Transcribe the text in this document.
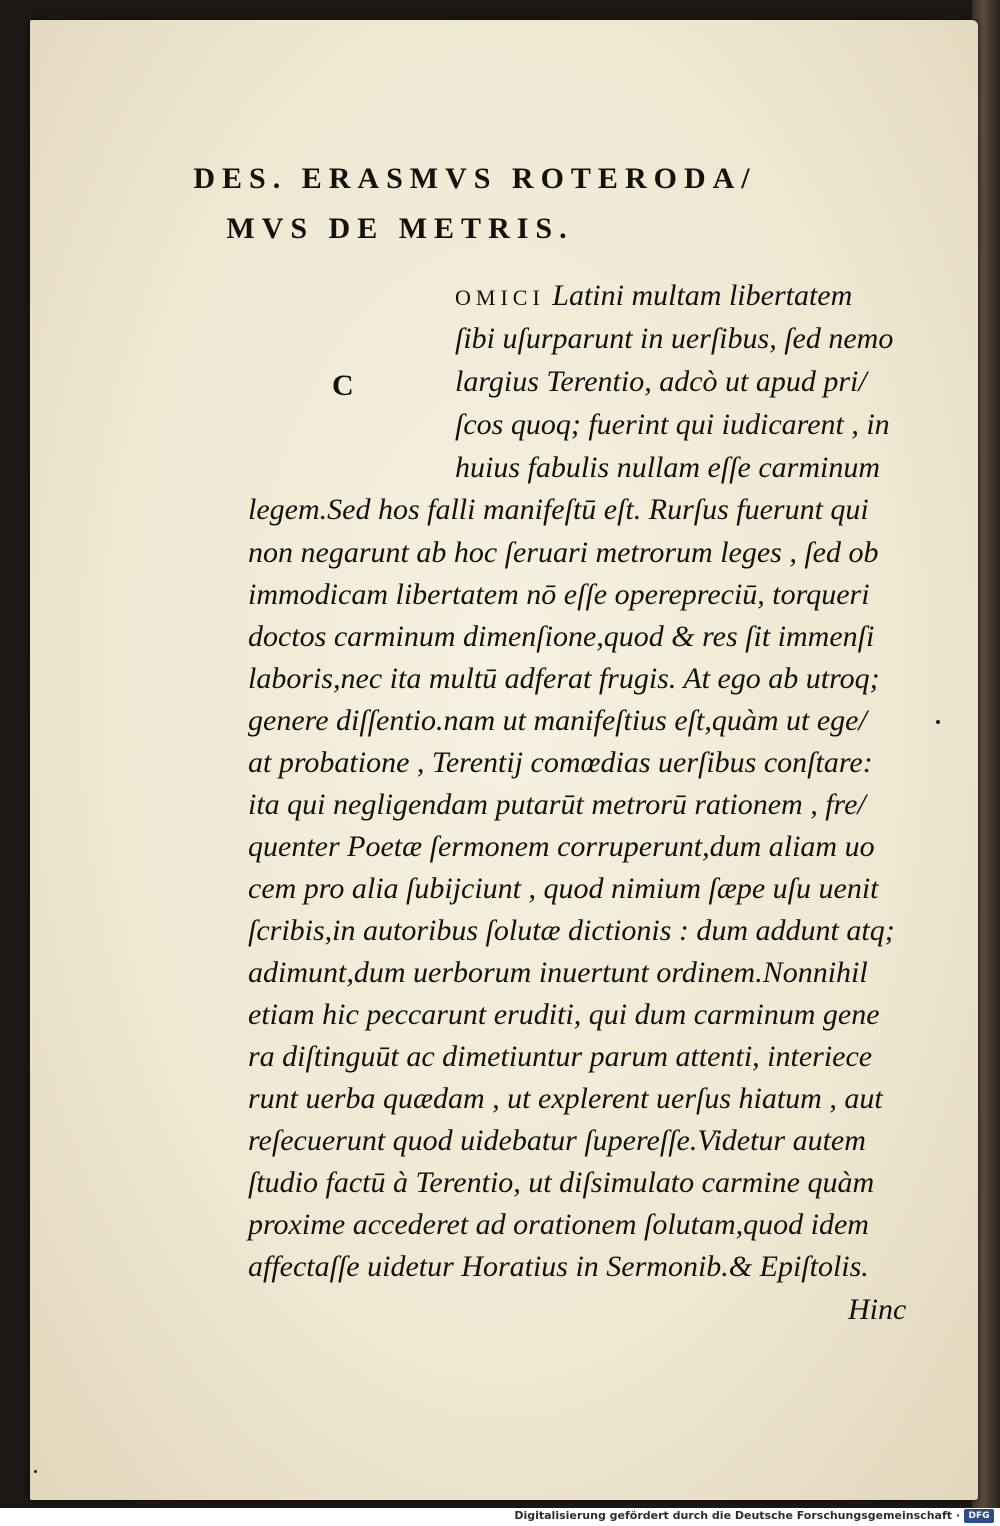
DES. ERASMVS ROTERODA/
MVS DE METRIS.
C
OMICI Latini multam libertatem
ſibi uſurparunt in uerſibus, ſed nemo
largius Terentio, adcò ut apud pri/
ſcos quoq; fuerint qui iudicarent , in
huius fabulis nullam eſſe carminum
legem.Sed hos falli manifeſtū eſt. Rurſus fuerunt qui
non negarunt ab hoc ſeruari metrorum leges , ſed ob
immodicam libertatem nō eſſe operepreciū, torqueri
doctos carminum dimenſione,quod & res ſit immenſi
laboris,nec ita multū adferat frugis. At ego ab utroq;
genere diſſentio.nam ut manifeſtius eſt,quàm ut ege/
at probatione , Terentij comœdias uerſibus conſtare:
ita qui negligendam putarūt metrorū rationem , fre/
quenter Poetæ ſermonem corruperunt,dum aliam uo
cem pro alia ſubijciunt , quod nimium ſæpe uſu uenit
ſcribis,in autoribus ſolutæ dictionis : dum addunt atq;
adimunt,dum uerborum inuertunt ordinem.Nonnihil
etiam hic peccarunt eruditi, qui dum carminum gene
ra diſtinguūt ac dimetiuntur parum attenti, interiece
runt uerba quædam , ut explerent uerſus hiatum , aut
reſecuerunt quod uidebatur ſupereſſe.Videtur autem
ſtudio factū à Terentio, ut diſsimulato carmine quàm
proxime accederet ad orationem ſolutam,quod idem
affectaſſe uidetur Horatius in Sermonib.& Epiſtolis.
Hinc
Digitalisierung gefördert durch die Deutsche Forschungsgemeinschaft · DFG
